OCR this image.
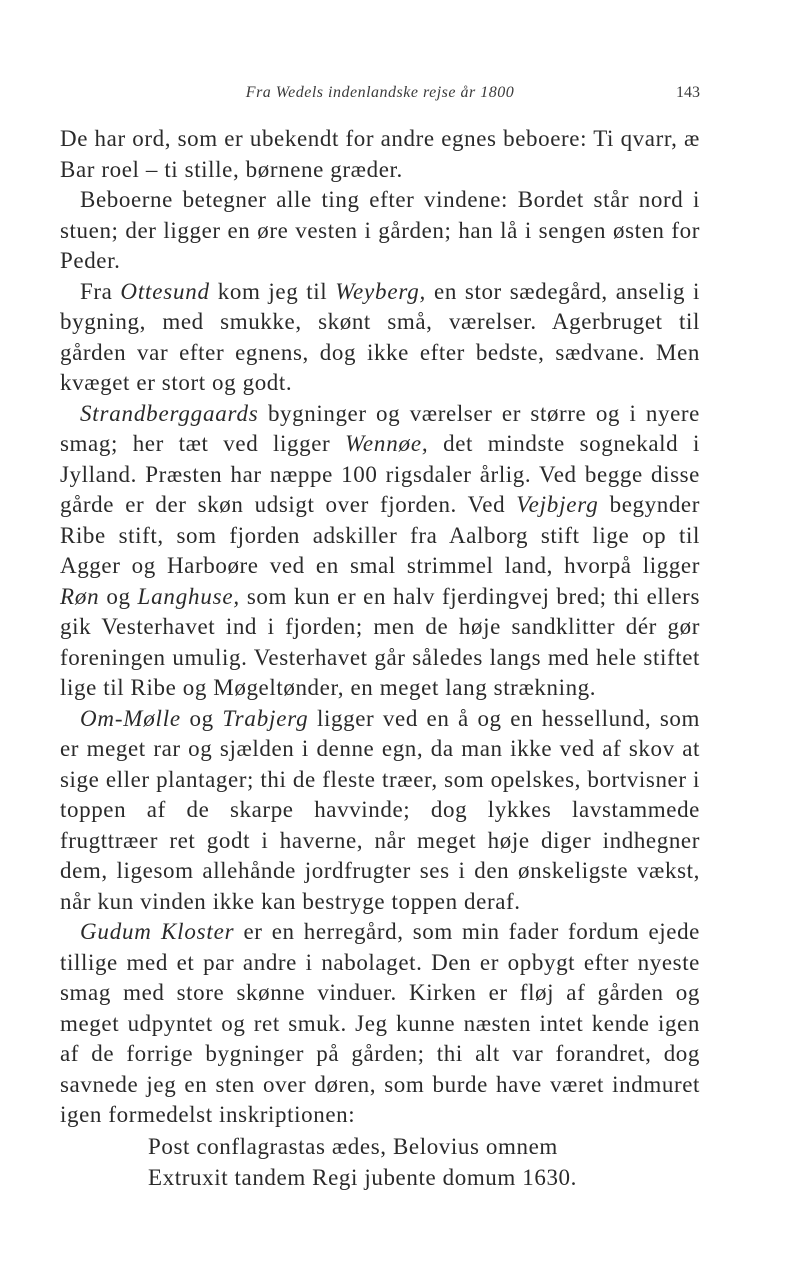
Fra Wedels indenlandske rejse år 1800	143

De har ord, som er ubekendt for andre egnes beboere: Ti qvarr, æ Bar roel – ti stille, børnene græder.

Beboerne betegner alle ting efter vindene: Bordet står nord i stuen; der ligger en øre vesten i gården; han lå i sengen østen for Peder.

Fra Ottesund kom jeg til Weyberg, en stor sædegård, anselig i bygning, med smukke, skønt små, værelser. Agerbruget til gården var efter egnens, dog ikke efter bedste, sædvane. Men kvæget er stort og godt.

Strandberggaards bygninger og værelser er større og i nyere smag; her tæt ved ligger Wennøe, det mindste sognekald i Jylland. Præsten har næppe 100 rigsdaler årlig. Ved begge disse gårde er der skøn udsigt over fjorden. Ved Vejbjerg begynder Ribe stift, som fjorden adskiller fra Aalborg stift lige op til Agger og Harboøre ved en smal strimmel land, hvorpå ligger Røn og Langhuse, som kun er en halv fjerdingvej bred; thi ellers gik Vesterhavet ind i fjorden; men de høje sandklitter dér gør foreningen umulig. Vesterhavet går således langs med hele stiftet lige til Ribe og Møgeltønder, en meget lang strækning.

Om-Mølle og Trabjerg ligger ved en å og en hessellund, som er meget rar og sjælden i denne egn, da man ikke ved af skov at sige eller plantager; thi de fleste træer, som opelskes, bortvisner i toppen af de skarpe havvinde; dog lykkes lavstammede frugttræer ret godt i haverne, når meget høje diger indhegner dem, ligesom allehånde jordfrugter ses i den ønskeligste vækst, når kun vinden ikke kan bestryge toppen deraf.

Gudum Kloster er en herregård, som min fader fordum ejede tillige med et par andre i nabolaget. Den er opbygt efter nyeste smag med store skønne vinduer. Kirken er fløj af gården og meget udpyntet og ret smuk. Jeg kunne næsten intet kende igen af de forrige bygninger på gården; thi alt var forandret, dog savnede jeg en sten over døren, som burde have været indmuret igen formedelst inskriptionen:

Post conflagrastas ædes, Belovius omnem
Extruxit tandem Regi jubente domum 1630.
